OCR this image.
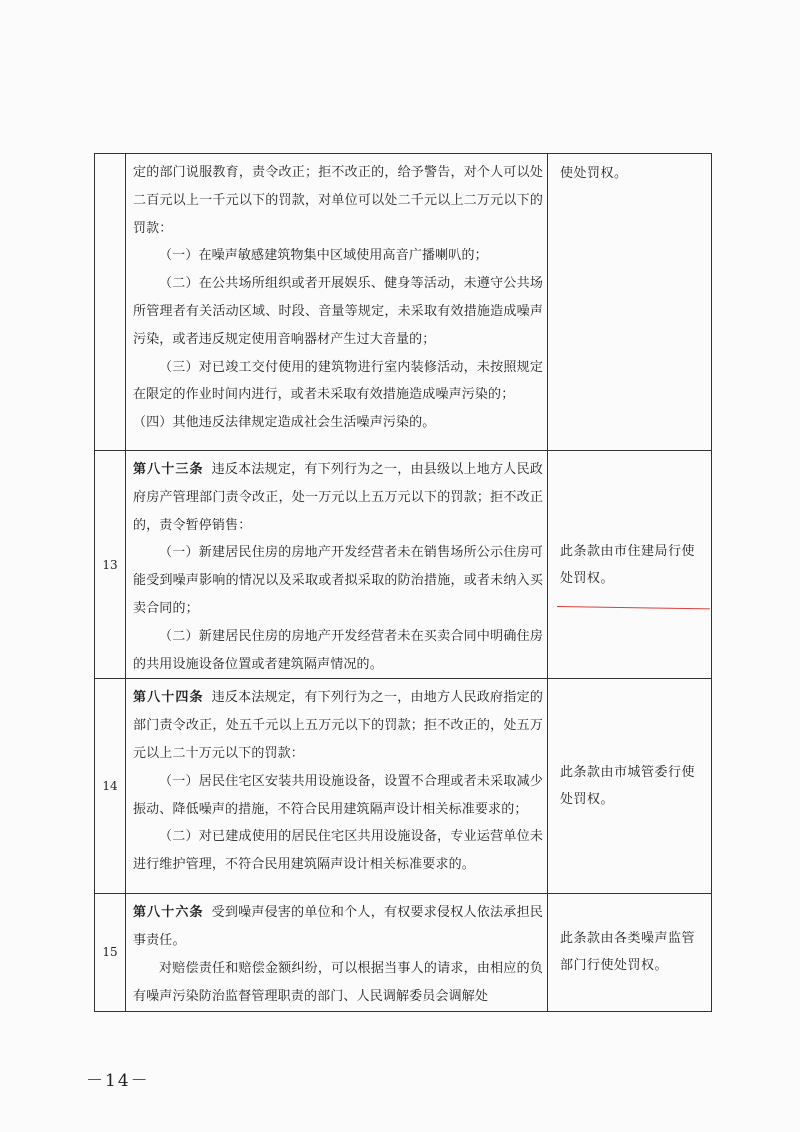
	定的部门说服教育，责令改正；拒不改正的，给予警告，对个人可以处二百元以上一千元以下的罚款，对单位可以处二千元以上二万元以下的罚款：

（一）在噪声敏感建筑物集中区域使用高音广播喇叭的；

（二）在公共场所组织或者开展娱乐、健身等活动，未遵守公共场所管理者有关活动区域、时段、音量等规定，未采取有效措施造成噪声污染，或者违反规定使用音响器材产生过大音量的；

（三）对已竣工交付使用的建筑物进行室内装修活动，未按照规定在限定的作业时间内进行，或者未采取有效措施造成噪声污染的；

（四）其他违反法律规定造成社会生活噪声污染的。	使处罚权。
13	第八十三条 违反本法规定，有下列行为之一，由县级以上地方人民政府房产管理部门责令改正，处一万元以上五万元以下的罚款；拒不改正的，责令暂停销售：

（一）新建居民住房的房地产开发经营者未在销售场所公示住房可能受到噪声影响的情况以及采取或者拟采取的防治措施，或者未纳入买卖合同的；

（二）新建居民住房的房地产开发经营者未在买卖合同中明确住房的共用设施设备位置或者建筑隔声情况的。	此条款由市住建局行使处罚权。
14	第八十四条 违反本法规定，有下列行为之一，由地方人民政府指定的部门责令改正，处五千元以上五万元以下的罚款；拒不改正的，处五万元以上二十万元以下的罚款：

（一）居民住宅区安装共用设施设备，设置不合理或者未采取减少振动、降低噪声的措施，不符合民用建筑隔声设计相关标准要求的；

（二）对已建成使用的居民住宅区共用设施设备，专业运营单位未进行维护管理，不符合民用建筑隔声设计相关标准要求的。	此条款由市城管委行使处罚权。
15	第八十六条 受到噪声侵害的单位和个人，有权要求侵权人依法承担民事责任。

对赔偿责任和赔偿金额纠纷，可以根据当事人的请求，由相应的负有噪声污染防治监督管理职责的部门、人民调解委员会调解处	此条款由各类噪声监管部门行使处罚权。
－14－
